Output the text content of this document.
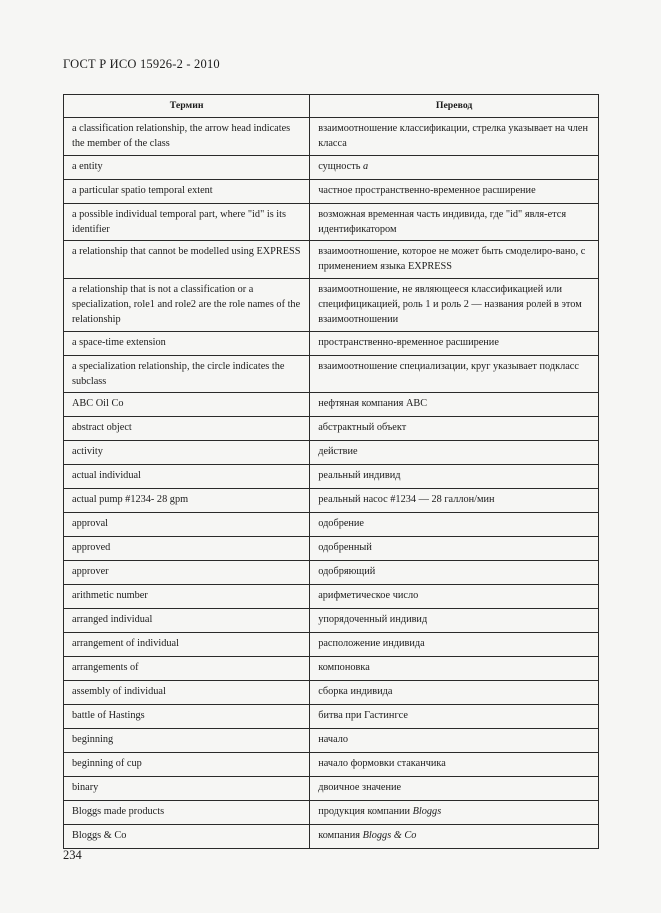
ГОСТ Р ИСО 15926-2 - 2010
Термин	Перевод
a classification relationship, the arrow head indicates the member of the class	взаимоотношение классификации, стрелка указывает на член класса
a entity	сущность a
a particular spatio temporal extent	частное пространственно-временное расширение
a possible individual temporal part, where "id" is its identifier	возможная временная часть индивида, где "id" явля-ется идентификатором
a relationship that cannot be modelled using EXPRESS	взаимоотношение, которое не может быть смоделиро-вано, с применением языка EXPRESS
a relationship that is not a classification or a specialization, role1 and role2 are the role names of the relationship	взаимоотношение, не являющееся классификацией или специфицикацией, роль 1 и роль 2 — названия ролей в этом взаимоотношении
a space-time extension	пространственно-временное расширение
a specialization relationship, the circle indicates the subclass	взаимоотношение специализации, круг указывает подкласс
ABC Oil Co	нефтяная компания ABC
abstract object	абстрактный объект
activity	действие
actual individual	реальный индивид
actual pump #1234- 28 gpm	реальный насос #1234 — 28 галлон/мин
approval	одобрение
approved	одобренный
approver	одобряющий
arithmetic number	арифметическое число
arranged individual	упорядоченный индивид
arrangement of individual	расположение индивида
arrangements of	компоновка
assembly of individual	сборка индивида
battle of Hastings	битва при Гастингсе
beginning	начало
beginning of cup	начало формовки стаканчика
binary	двоичное значение
Bloggs made products	продукция компании Bloggs
Bloggs & Co	компания Bloggs & Co
234
